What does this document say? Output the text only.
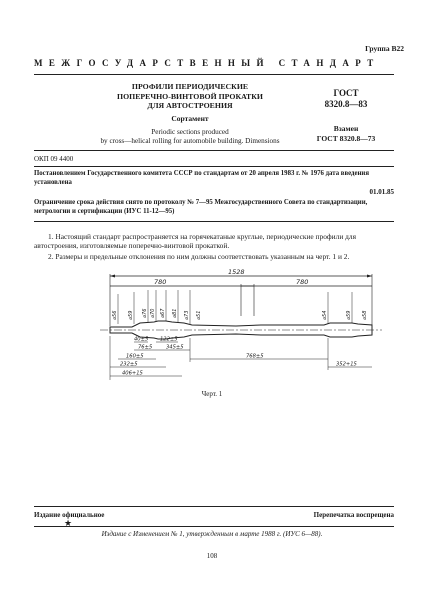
Группа В22
МЕЖГОСУДАРСТВЕННЫЙ СТАНДАРТ
ПРОФИЛИ ПЕРИОДИЧЕСКИЕ
ПОПЕРЕЧНО-ВИНТОВОЙ ПРОКАТКИ
ДЛЯ АВТОСТРОЕНИЯ
Сортамент
Periodic sections produced
by cross—helical rolling for automobile building. Dimensions
ГОСТ
8320.8—83
Взамен
ГОСТ 8320.8—73
ОКП 09 4400
Постановлением Государственного комитета СССР по стандартам от 20 апреля 1983 г. № 1976 дата введения установлена
01.01.85
Ограничение срока действия снято по протоколу № 7—95 Межгосударственного Совета по стандартизации, метрологии и сертификации (ИУС 11-12—95)
1. Настоящий стандарт распространяется на горячекатаные круглые, периодические профили для автостроения, изготовляемые поперечно-винтовой прокаткой.
2. Размеры и предельные отклонения по ним должны соответствовать указанным на черт. 1 и 2.
1528
780	780
⌀56 ⌀59 ⌀76 ⌀70 ⌀67 ⌀81 ⌀73 ⌀51	⌀54	⌀59 ⌀58
40±5 122±5
76±5	345±5
160±5
232±5
406+15
768±5
352+15
Черт. 1
Издание официальное
★
Перепечатка воспрещена
Издание с Изменением № 1, утвержденным в марте 1988 г. (ИУС 6—88).
108
